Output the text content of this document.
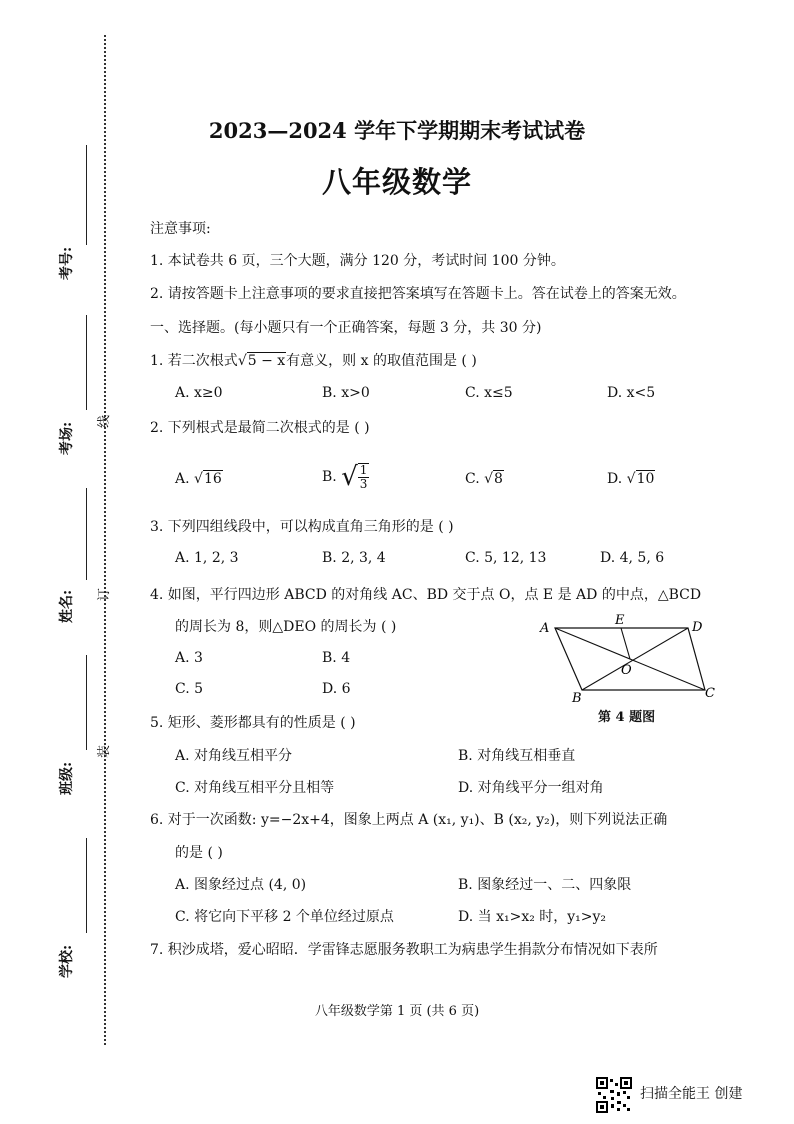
考号:
考场:
姓名:
班级:
学校:
线
订
装
2023—2024 学年下学期期末考试试卷
八年级数学
注意事项:
1. 本试卷共 6 页，三个大题，满分 120 分，考试时间 100 分钟。
2. 请按答题卡上注意事项的要求直接把答案填写在答题卡上。答在试卷上的答案无效。
一、选择题。(每小题只有一个正确答案，每题 3 分，共 30 分)
1. 若二次根式√5 − x有意义，则 x 的取值范围是 ( )
A. x≥0	B. x>0	C. x≤5	D. x<5
2. 下列根式是最简二次根式的是 ( )
A. √16	B. √ $\frac{1}{3}$	C. √8	D. √10
3. 下列四组线段中，可以构成直角三角形的是 ( )
A. 1, 2, 3	B. 2, 3, 4	C. 5, 12, 13	D. 4, 5, 6
4. 如图，平行四边形 ABCD 的对角线 AC、BD 交于点 O，点 E 是 AD 的中点，△BCD
的周长为 8，则△DEO 的周长为 ( )
A. 3	B. 4
C. 5	D. 6
A
E	D
O
B	C
第 4 题图
5. 矩形、菱形都具有的性质是 ( )
A. 对角线互相平分	B. 对角线互相垂直
C. 对角线互相平分且相等	D. 对角线平分一组对角
6. 对于一次函数: y=−2x+4，图象上两点 A (x₁, y₁)、B (x₂, y₂)，则下列说法正确
的是 ( )
A. 图象经过点 (4, 0)	B. 图象经过一、二、四象限
C. 将它向下平移 2 个单位经过原点	D. 当 x₁>x₂ 时，y₁>y₂
7. 积沙成塔，爱心昭昭．学雷锋志愿服务教职工为病患学生捐款分布情况如下表所
八年级数学第 1 页 (共 6 页)
扫描全能王 创建
